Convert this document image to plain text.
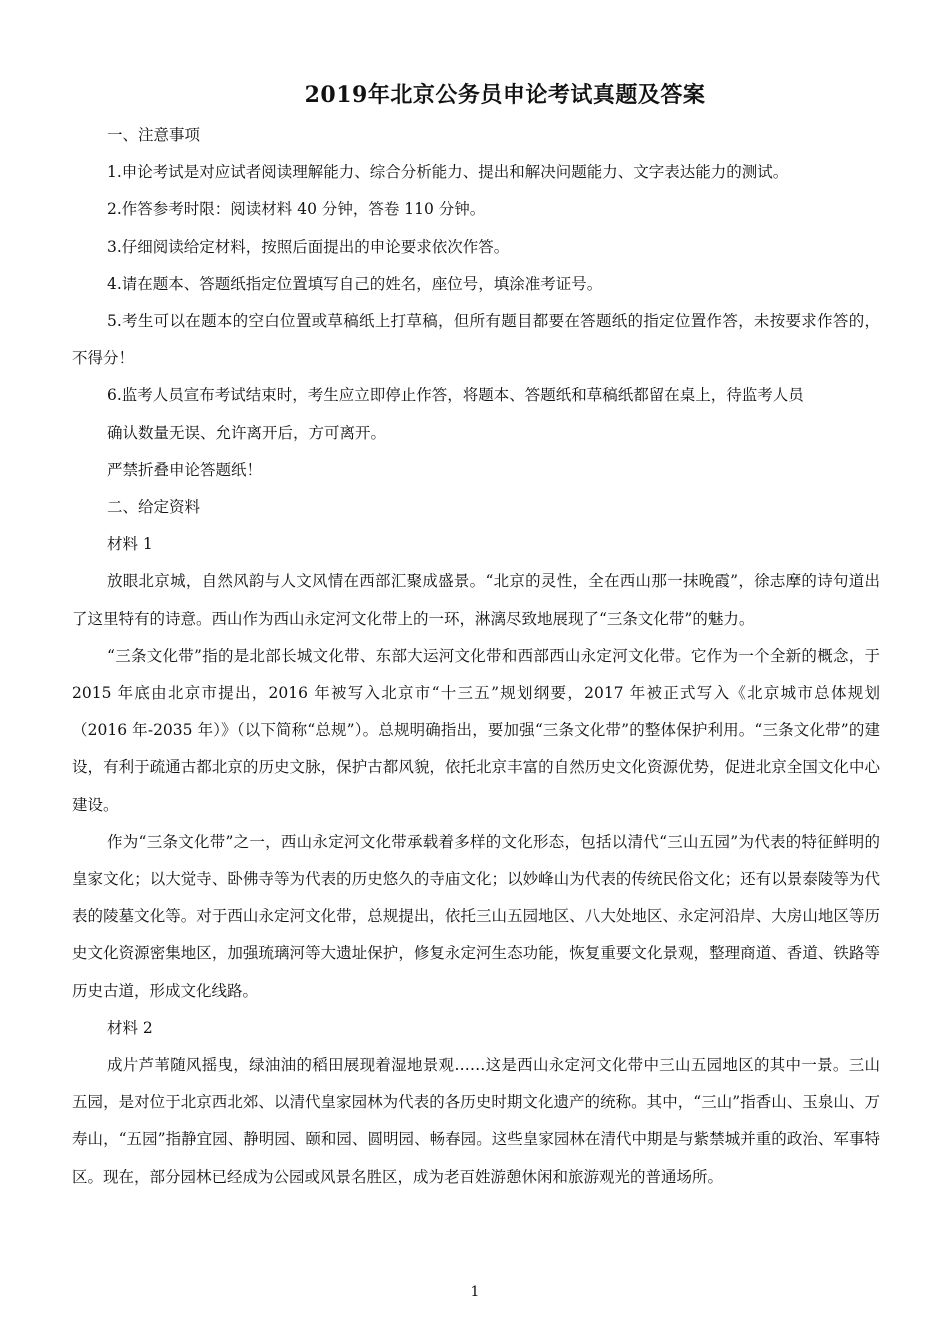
2019年北京公务员申论考试真题及答案

一、注意事项

1.申论考试是对应试者阅读理解能力、综合分析能力、提出和解决问题能力、文字表达能力的测试。

2.作答参考时限：阅读材料 40 分钟，答卷 110 分钟。

3.仔细阅读给定材料，按照后面提出的申论要求依次作答。

4.请在题本、答题纸指定位置填写自己的姓名，座位号，填涂准考证号。

5.考生可以在题本的空白位置或草稿纸上打草稿，但所有题目都要在答题纸的指定位置作答，未按要求作答的，不得分！

6.监考人员宣布考试结束时，考生应立即停止作答，将题本、答题纸和草稿纸都留在桌上，待监考人员

确认数量无误、允许离开后，方可离开。

严禁折叠申论答题纸！

二、给定资料

材料 1

放眼北京城，自然风韵与人文风情在西部汇聚成盛景。“北京的灵性，全在西山那一抹晚霞”，徐志摩的诗句道出了这里特有的诗意。西山作为西山永定河文化带上的一环，淋漓尽致地展现了“三条文化带”的魅力。

“三条文化带”指的是北部长城文化带、东部大运河文化带和西部西山永定河文化带。它作为一个全新的概念，于 2015 年底由北京市提出，2016 年被写入北京市“十三五”规划纲要，2017 年被正式写入《北京城市总体规划（2016 年-2035 年）》（以下简称“总规”）。总规明确指出，要加强“三条文化带”的整体保护利用。“三条文化带”的建设，有利于疏通古都北京的历史文脉，保护古都风貌，依托北京丰富的自然历史文化资源优势，促进北京全国文化中心建设。

作为“三条文化带”之一，西山永定河文化带承载着多样的文化形态，包括以清代“三山五园”为代表的特征鲜明的皇家文化；以大觉寺、卧佛寺等为代表的历史悠久的寺庙文化；以妙峰山为代表的传统民俗文化；还有以景泰陵等为代表的陵墓文化等。对于西山永定河文化带，总规提出，依托三山五园地区、八大处地区、永定河沿岸、大房山地区等历史文化资源密集地区，加强琉璃河等大遗址保护，修复永定河生态功能，恢复重要文化景观，整理商道、香道、铁路等历史古道，形成文化线路。

材料 2

成片芦苇随风摇曳，绿油油的稻田展现着湿地景观……这是西山永定河文化带中三山五园地区的其中一景。三山五园，是对位于北京西北郊、以清代皇家园林为代表的各历史时期文化遗产的统称。其中，“三山”指香山、玉泉山、万寿山，“五园”指静宜园、静明园、颐和园、圆明园、畅春园。这些皇家园林在清代中期是与紫禁城并重的政治、军事特区。现在，部分园林已经成为公园或风景名胜区，成为老百姓游憩休闲和旅游观光的普通场所。

1
